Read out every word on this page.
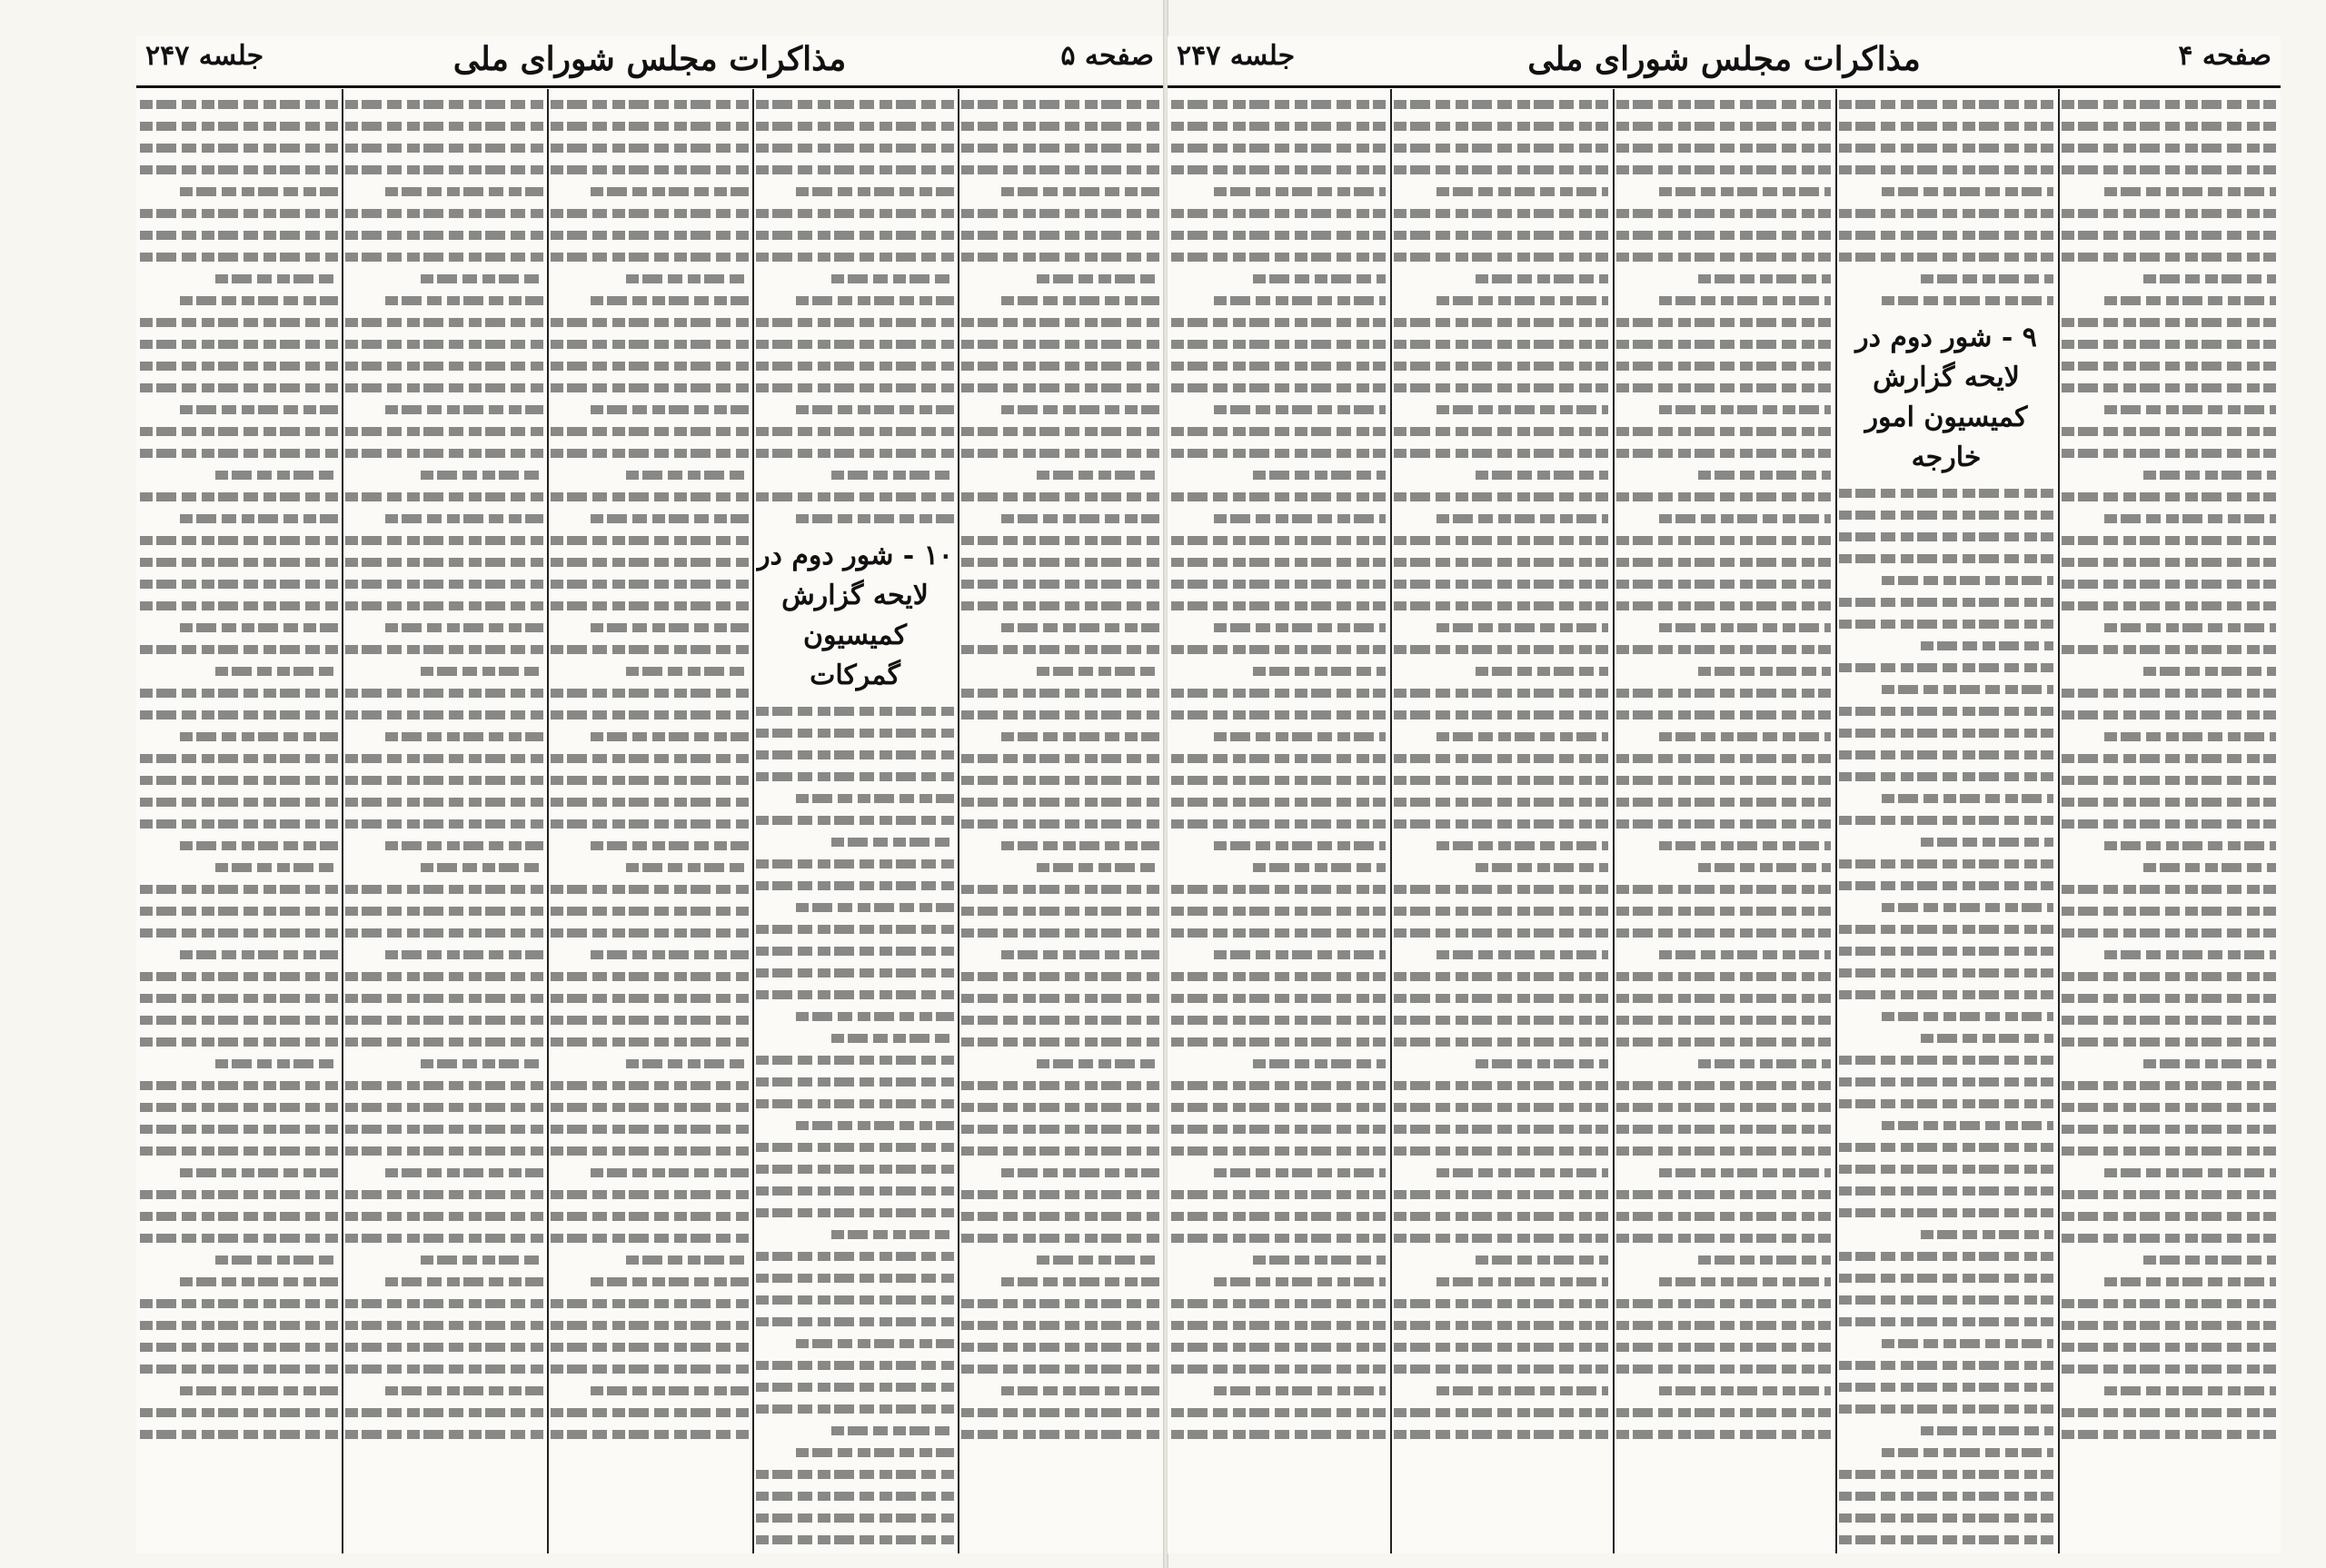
صفحه ۵
مذاکرات مجلس شورای ملی
جلسه ۲۴۷
۱۰ - شور دوم در لایحه گزارش کمیسیون گمرکات
صفحه ۴
مذاکرات مجلس شورای ملی
جلسه ۲۴۷
۹ - شور دوم در لایحه گزارش کمیسیون امور خارجه
